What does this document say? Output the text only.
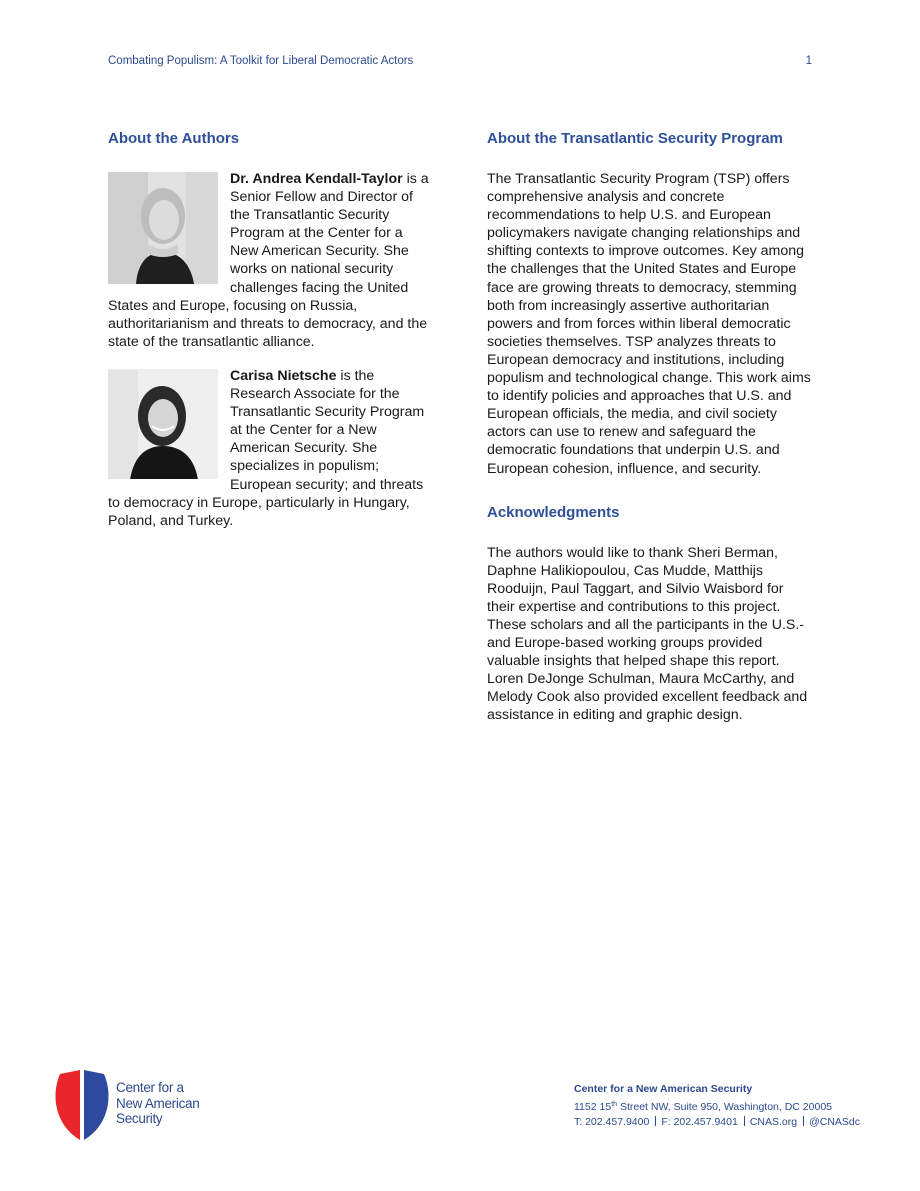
Combating Populism: A Toolkit for Liberal Democratic Actors	1
About the Authors

Dr. Andrea Kendall-Taylor is a Senior Fellow and Director of the Transatlantic Security Program at the Center for a New American Security. She works on national security challenges facing the United States and Europe, focusing on Russia, authoritarianism and threats to democracy, and the state of the transatlantic alliance.

Carisa Nietsche is the Research Associate for the Transatlantic Security Program at the Center for a New American Security. She specializes in populism; European security; and threats to democracy in Europe, particularly in Hungary, Poland, and Turkey.

About the Transatlantic Security Program

The Transatlantic Security Program (TSP) offers comprehensive analysis and concrete recommendations to help U.S. and European policymakers navigate changing relationships and shifting contexts to improve outcomes. Key among the challenges that the United States and Europe face are growing threats to democracy, stemming both from increasingly assertive authoritarian powers and from forces within liberal democratic societies themselves. TSP analyzes threats to European democracy and institutions, including populism and technological change. This work aims to identify policies and approaches that U.S. and European officials, the media, and civil society actors can use to renew and safeguard the democratic foundations that underpin U.S. and European cohesion, influence, and security.

Acknowledgments

The authors would like to thank Sheri Berman, Daphne Halikiopoulou, Cas Mudde, Matthijs Rooduijn, Paul Taggart, and Silvio Waisbord for their expertise and contributions to this project. These scholars and all the participants in the U.S.- and Europe-based working groups provided valuable insights that helped shape this report. Loren DeJonge Schulman, Maura McCarthy, and Melody Cook also provided excellent feedback and assistance in editing and graphic design.

Center for a
New American
Security
Center for a New American Security
1152 15th Street NW, Suite 950, Washington, DC 20005
T: 202.457.9400 F: 202.457.9401 CNAS.org @CNASdc
